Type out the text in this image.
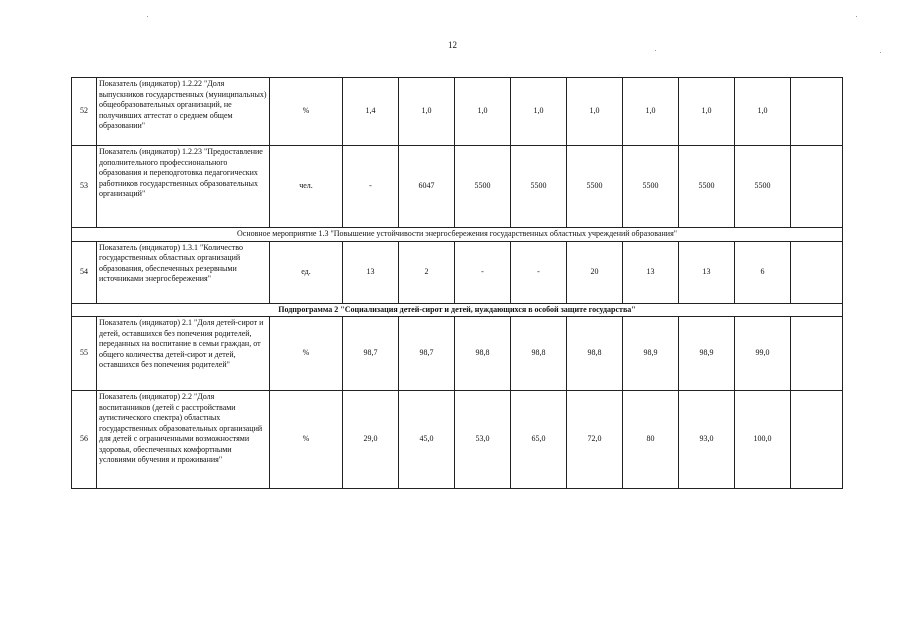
12
52	Показатель (индикатор) 1.2.22 "Доля выпускников государственных (муниципальных) общеобразовательных организаций, не получивших аттестат о среднем общем образовании"	%	1,4	1,0	1,0	1,0	1,0	1,0	1,0	1,0	
53	Показатель (индикатор) 1.2.23 "Предоставление дополнительного профессионального образования и переподготовка педагогических работников государственных образовательных организаций"	чел.	-	6047	5500	5500	5500	5500	5500	5500	
Основное мероприятие 1.3 "Повышение устойчивости энергосбережения государственных областных учреждений образования"											
54	Показатель (индикатор) 1.3.1 "Количество государственных областных организаций образования, обеспеченных резервными источниками энергосбережения"	ед.	13	2	-	-	20	13	13	6	
Подпрограмма 2 "Социализация детей-сирот и детей, нуждающихся в особой защите государства"											
55	Показатель (индикатор) 2.1 "Доля детей-сирот и детей, оставшихся без попечения родителей, переданных на воспитание в семьи граждан, от общего количества детей-сирот и детей, оставшихся без попечения родителей"	%	98,7	98,7	98,8	98,8	98,8	98,9	98,9	99,0	
56	Показатель (индикатор) 2.2 "Доля воспитанников (детей с расстройствами аутистического спектра) областных государственных образовательных организаций для детей с ограниченными возможностями здоровья, обеспеченных комфортными условиями обучения и проживания"	%	29,0	45,0	53,0	65,0	72,0	80	93,0	100,0	
